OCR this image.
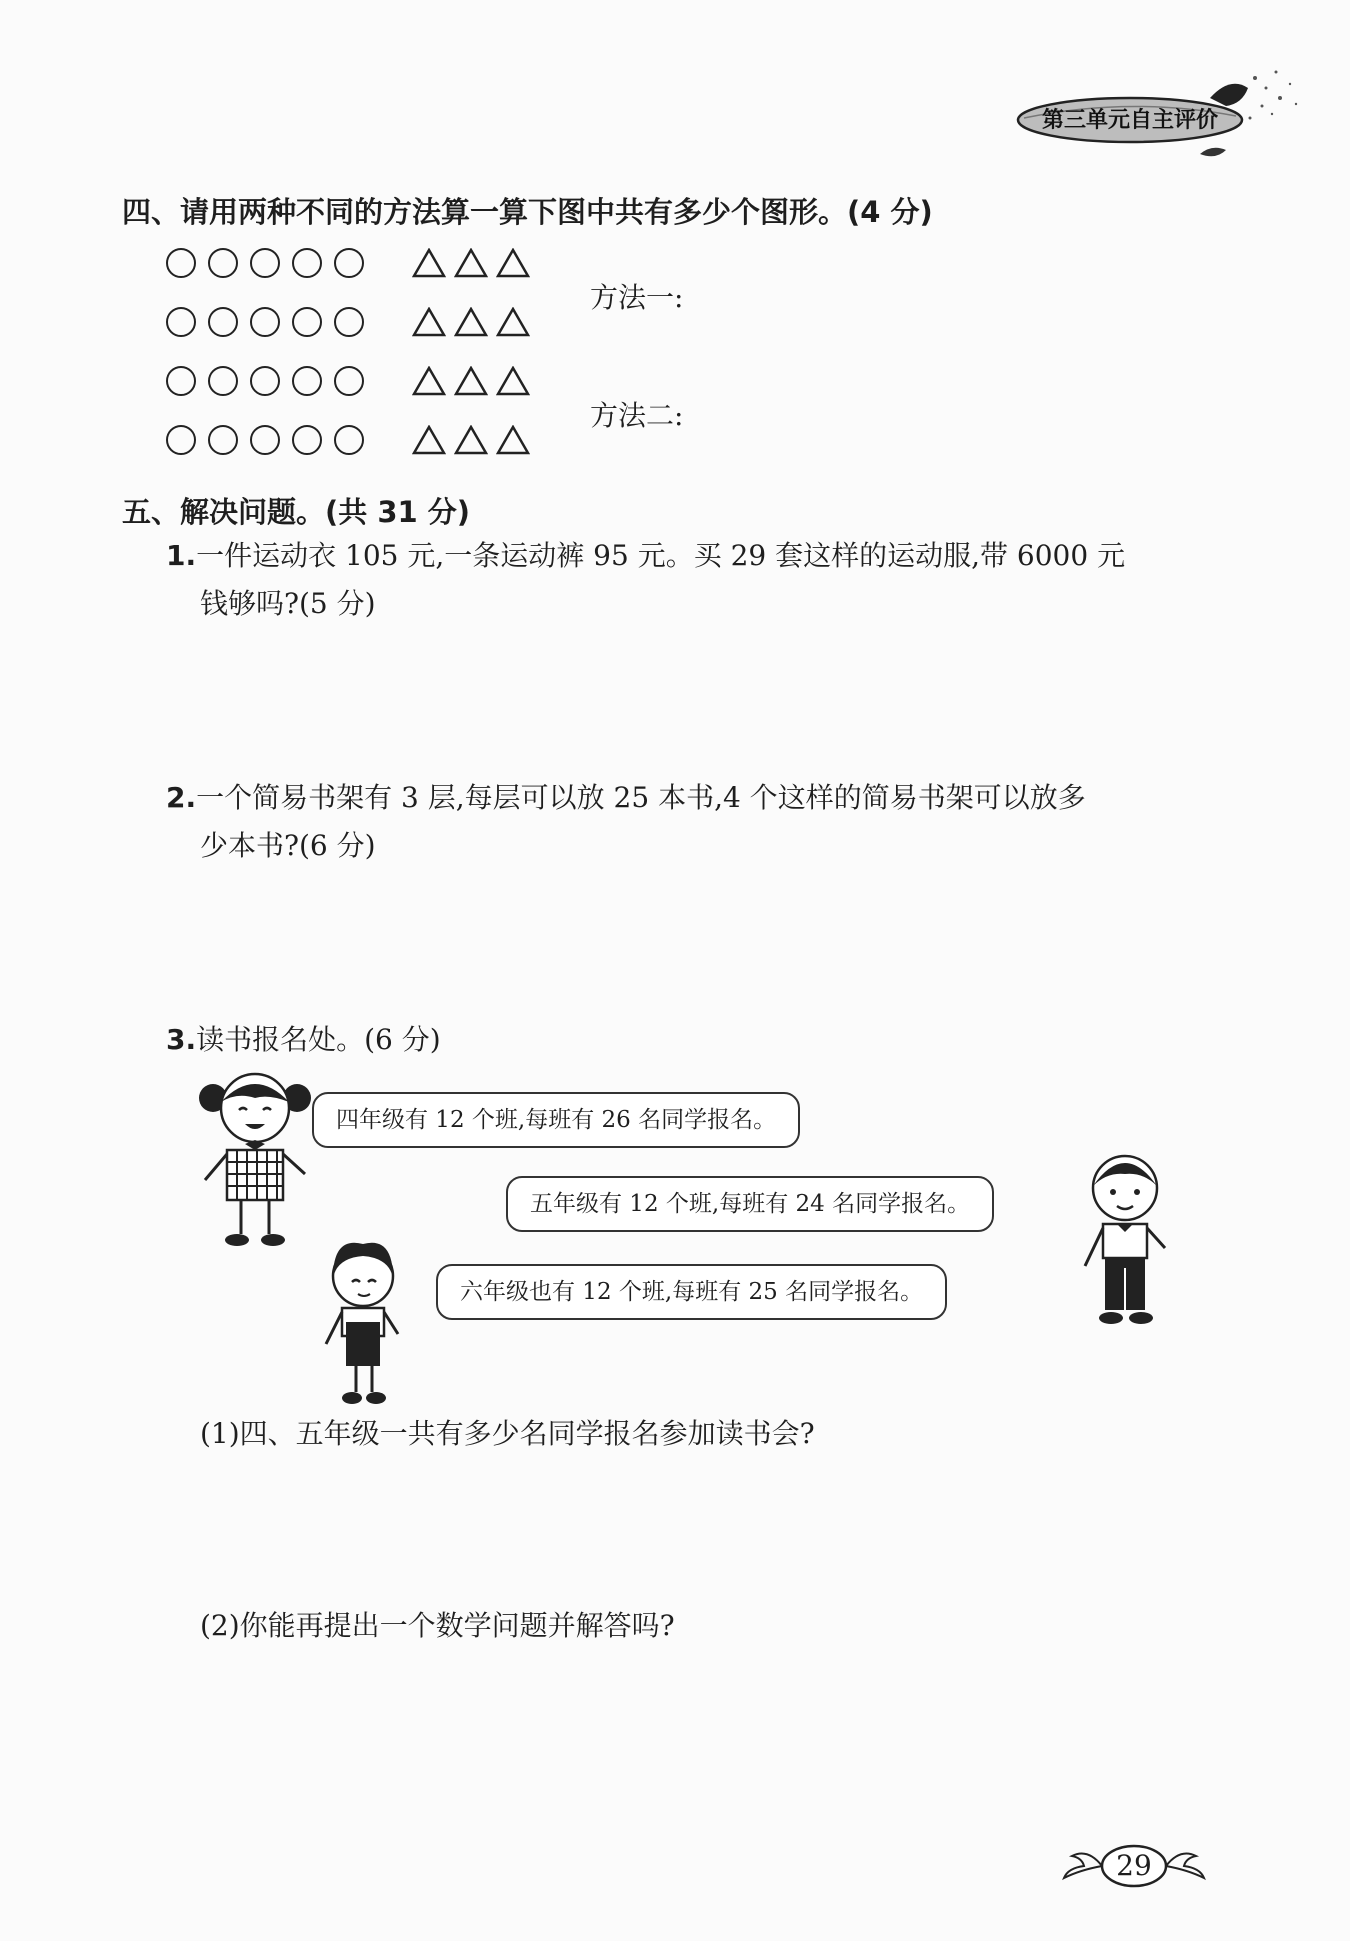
第三单元自主评价
四、请用两种不同的方法算一算下图中共有多少个图形。(4 分)
方法一:
方法二:
五、解决问题。(共 31 分)
1.一件运动衣 105 元,一条运动裤 95 元。买 29 套这样的运动服,带 6000 元
钱够吗?(5 分)
2.一个简易书架有 3 层,每层可以放 25 本书,4 个这样的简易书架可以放多
少本书?(6 分)
3.读书报名处。(6 分)
四年级有 12 个班,每班有 26 名同学报名。
五年级有 12 个班,每班有 24 名同学报名。
六年级也有 12 个班,每班有 25 名同学报名。
(1)四、五年级一共有多少名同学报名参加读书会?
(2)你能再提出一个数学问题并解答吗?
29
